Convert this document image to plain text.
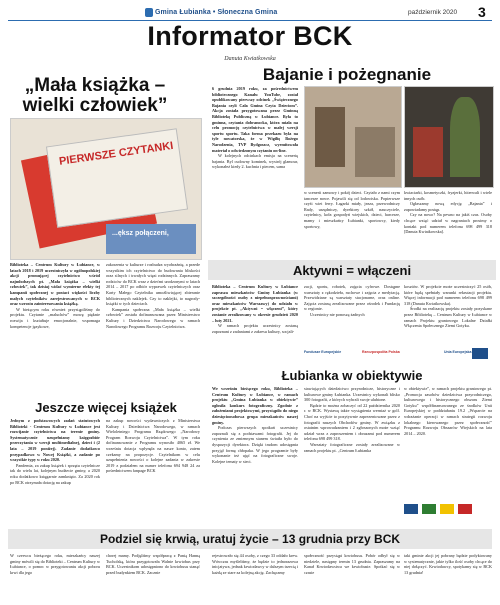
Gmina Łubianka • Słoneczna Gmina	październik 2020 3
Informator BCK
Danuta Kwiatkowska
„Mała książka –
wielki człowiek”
PIERWSZE CZYTANKI
...ększ połączeni,
Biblioteka – Centrum Kultury w Łubiance, w latach 2018 i 2019 uczestniczyła w ogólnopolskiej akcji promującej czytelnictwo wśród najmłodszych pt. „Mała książka – wielki człowiek”, tak dzisiaj widać wymierne efekty tej kampanii społecznej w postaci więkości liczby małych czytelników zarejestrowanych w BCK oraz wzrostu zainteresowania książką.
W bieżącym roku również przystąpiliśmy do projektu. Czytanie „maluchów” mowę pięknie rozwija i kształtuje emocjonalnie, wspomaga kompetencje językowe,
zakorzenia w kulturze i rozbudza wyobraźnię, a przede wszystkim ich czytelnictwo do budowania bliskości oraz silnych i trwałych więzi rodzinnych. Zapraszamy rodziców do BCK wraz z dziećmi urodzonymi w latach 2014 – 2017 po odbiór wyprawek czytelniczych oraz Karty Małego Czytelnika umożliwiającej zbieranie bibliotecznych naklejek. Czy to naklejki, to nagrody-książki w tych dzieciach.
Kampania społeczna „Mała książka – wielki człowiek” została dofinansowana przez Ministerstwo Kultury i Dziedzictwa Narodowego w ramach Narodowego Programu Rozwoju Czytelnictwa.
Bajanie i pożegnanie
6 grudnia 2019 roku, za pośrednictwem bibliotecznego Kanału YouTube, został opublikowany pierwszy odcinek „Świątecznego Bajania czyli Cała Gmina Czyta Dzieciom”. Akcja została przygotowana przez Gminną Bibliotekę Publiczną w Łubiance. Była to gminna, czytania dobranocka, która miała na celu promocję czytelnictwa w małej wersji sportu sportu. Taka forma przekazu była na tyle nowatorska, że w Wigilię Bożego Narodzenia, TVP Bydgoszcz, wyemitowała materiał o odwiedzonym czytaniu on-line.
W kolejnych odcinkach emisja na scenerię bajania. Byl cudowny kominek, wystrój glamour, wykonałeż kiedy 2. kuchnia i piecem, sama
w scenerii zamowy i pokój dzieci. Czytało z nami czym tancerze nowe. Pojawili się od lodowiska. Popierwsze czyśt wiet ferry. Łagarki miały, jezza, przewodniczy Rady, urzędniczy, dyrektory szkół, nauczyciele, czytelnicy, koła gospodyń wiejskich, dzieci, harcerze, mamy i mieszkańcy Łubianki, sportowcy, kiedy sportowy,
kwiaciarki, kosmetyczki, fryzjerki, hiterwali i wiele innych osób.
Ogłaszamy nową edycję „Bajania” i zapowiadamy postęp.
Czy na nowo? Na pewno na jakiś czas. Osoby chcące wziąć udział w nagraniach prosimy o kontakt pod numerem telefonu 698 499 318 [Danuta Kwiatkowska].
Aktywni = włączeni
Biblioteka – Centrum Kultury w Łubiance zaprasza mieszkańców Gminy Łubianka (w szczególności osoby z niepełnosprawnościami) oraz mieszkańców Warszawy) do udziału w projekcie pt. „Aktywni = włączeni”, który zostanie zrealizowany w okresie grudzień 2020 – luty 2021.
W ramach projektu uczestnicy zostaną zapoznani z zadaniami z zakresu kultury, socjali-
zacji, sportu, robotek, zajęcia cyfrowe. Dostępne warsztaty z rękodzieła, ruchowe i zajęcia z medytacją. Przewidziane są warsztaty stacjonarne, oraz online. Zajęcia zostaną zrealizowane przez ośrodek i Fundację w regionie.
Uczestnicy nie ponoszą żadnych
kosztów. W projekcie może uczestniczyć 25 osób, które będą spełniały warunki rekrutacji projektu. Więcej informacji pod numerem telefonu 698 499 318 (Danuta Kwiatkowska).
Środki na realizację projektu zostały pozyskane przez Bibliotekę – Centrum Kultury w Łubiance w ramach Projektu grantowego Lokalne Działki Włączenia Społecznego Ziemi Gotyku.
Fundusze Europejskie	Rzeczpospolita Polska	Unia Europejska
Jeszcze więcej książek
Jednym z podstawowych zadań statutowych Biblioteki - Centrum Kultury w Łubiance jest rozwijanie czytelnictwa na terenie gminy. Systematycznie uzupełniamy księgozbiór przeczytania w wersji multimedialnej, dzieci i (2 lata – 2019 poniżej). Zadanie dodatkowo przypadkowo w Nowej Książki, a zadanie po wszystkie typy w roku 2020.
Pandemia, za zakup książek i sprzętu czytelnicze tak do wielu lat, kolejnym budżecie gminy, a 2020 roku dodatkowo księgarnie zamknięto. Za 2020 rok po BCK otrzymała dotację na zakup
na zakup nowości wydawniczych z Ministerstwa Kultury i Dziedzictwa Narodowego, w ramach Wieloletniego Programu Rządowego „Narodowy Program Rozwoju Czytelnictwa”. W tym roku dofinansowanie z Programu wynosiło 4065 zł. We wrześniu dotacja wpłynęła na nasze konto, zatem czekamy na propozycje. Czytelnikom w celu uzupełnienia nowości o kolejne zadania w zakresie 2019 z podziałem na numer telefonu 694 948 24 za pośrednictwem fanpage BCK
Łubianka w obiektywie
We wrześniu bieżącego roku, Biblioteka – Centrum Kultury w Łubiance, w ramach projektu „Gmina Łubianka w obiektywie” ogłosiła konkurs fotograficzny. Zgodnie z założeniami projektowymi, przystąpiło do niego dziesięcioosobowa grupa mieszkańców naszej gminy.
Podczas pierwszych spotkań uczestnicy zapoznali się z podstawami fotografii. Jej do czynienia ze zmiennym stanem światła było do dyspozycji dyrektora. Dzięki trudom udostępnia przyjął formę chłopaka. W jego programie były wykonanie też ujęć na fotograficzne swoje. Kolejne tematy w sieci.
stawiających dziedzictwo przyrodnicze, historyczne i kulturowe gminy Łubianka. Uczestnicy wykonali blisko 300 fotografii, z których wybrali swoje ulubione.
Będzie to można zobaczyć od 22 października 2020 r. w BCK. Wystawę także wystąpienia werniaż w golf. Choć na wyjście to pozytywnie zaprezentowane przez z fotografii naszych Obchodów gminy. W związku z ostatnim wprowadzaniem i 2 zgłoszonych może wziąć udział wraz z zaproszeniem i obrazami pod numerem telefonu 698 499 318.
Warsztaty fotograficzne zostały zrealizowane w ramach projektu pt. „Centrum Łubianka
w obiektywie”, w ramach projektu grantowego pt. „Promocja zasobów dziedzictwa przyrodniczego, kulturowego i historycznego obszaru Ziemi Gotyku” współfinansowanego ze środków Unii Europejskiej w poddziałaniu 19.2 „Wsparcie na wdrażanie operacji w ramach strategii rozwoju lokalnego kierowanego przez społeczność” Programu Rozwoju Obszarów Wiejskich na lata 2014 – 2020.
Podziel się krwią, uratuj życie – 13 grudnia przy BCK
W czerwcu bieżącego roku, mieszkańcy naszej gminy mówili się do Biblioteki – Centrum Kultury w Łubiance, o pomoc w przygotowaniu akcji poboru krwi dla jego
chorej mamy. Podjęliśmy współpracę z Panią Hanną Tucholską, która przygotowała Walnie krwiobus przy BCK. Uczestnikom udostępniono do krwiobusu stanąć przed budynkiem BCK. Zacznie
rejestrowało się 44 osoby, z czego 33 oddało krew. Wówczas myśleliśmy, że będzie to jednorazowa inicjatywa, jednak krwiodawcy w dalszym trzecią i każdą ze stare za kolejną akcję. Zachęcamy
społeczność przystąpi krwiobusu. Pobór odbył się w niedziele, następny termin 13 grudnia. Zapraszamy na Kanał Krwiodawstwa we krwiobusie. Spotkać się w czasie
taki gminie akcji jej pobrany będzie podyktowany w systematycznie, jakie tylko ilość osoby chcące do niej dołączyć. Krwiodawcy, spotykamy się w BCK 13 grudnia!
